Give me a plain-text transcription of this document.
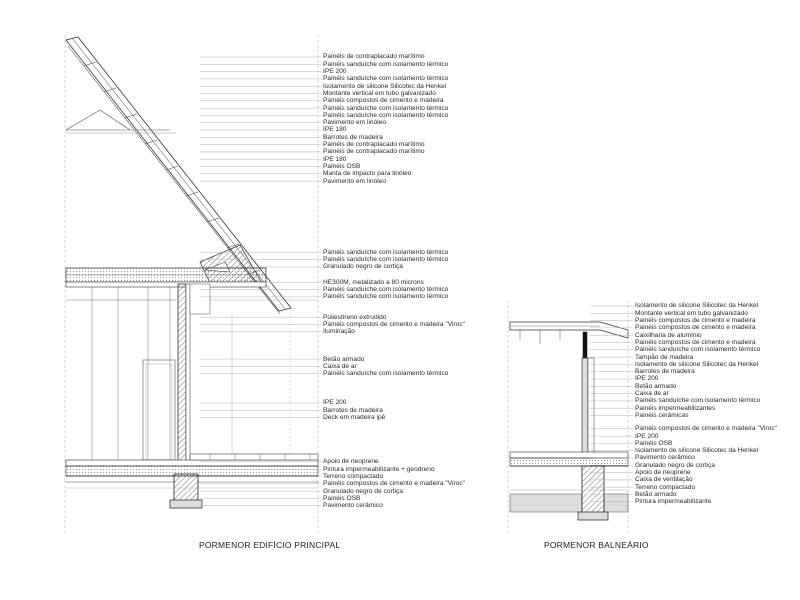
Painéis de contraplacado marítimo
Painéis sanduíche com isolamento térmico
IPE 200
Painéis sanduíche com isolamento térmico
Isolamento de silicone Silicotec da Henkel
Montante vertical em tubo galvanizado
Painéis compostos de cimento e madeira
Painéis sanduíche com isolamento térmico
Painéis sanduíche com isolamento térmico
Pavimento em linóleo
IPE 180
Barrotes de madeira
Painéis de contraplacado marítimo
Painéis de contraplacado marítimo
IPE 180
Painéis OSB
Manta de impacto para linóleo
Pavimento em linóleo
Painéis sanduíche com isolamento térmico
Painéis sanduíche com isolamento térmico
Granulado negro de cortiça
HE300M, metalizado a 80 microns
Painéis sanduíche com isolamento térmico
Painéis sanduíche com isolamento térmico
Poliestireno extrudido
Painéis compostos de cimento e madeira "Viroc"
Iluminação
Betão armado
Caixa de ar
Painéis sanduíche com isolamento térmico
IPE 200
Barrotes de madeira
Deck em madeira ipê
Apoio de neoprene
Pintura impermeabilizante + geodreno
Terreno compactado
Painéis compostos de cimento e madeira "Viroc"
Granulado negro de cortiça
Painéis OSB
Pavimento cerâmico
Isolamento de silicone Silicotec da Henkel
Montante vertical em tubo galvanizado
Painéis compostos de cimento e madeira
Painéis compostos de cimento e madeira
Caixilharia de alumínio
Painéis compostos de cimento e madeira
Painéis sanduíche com isolamento térmico
Tampão de madeira
Isolamento de silicone Silicotec da Henkel
Barrotes de madeira
IPE 200
Betão armado
Caixa de ar
Painéis sanduíche com isolamento térmico
Painéis impermeabilizantes
Painéis cerâmicas
Painéis compostos de cimento e madeira "Viroc"
IPE 200
Painéis OSB
Isolamento de silicone Silicotec da Henkel
Pavimento cerâmico
Granulado negro de cortiça
Apoio de neoprene
Caixa de ventilação
Terreno compactado
Betão armado
Pintura impermeabilizante
PORMENOR EDIFÍCIO PRINCIPAL	PORMENOR BALNEÁRIO
